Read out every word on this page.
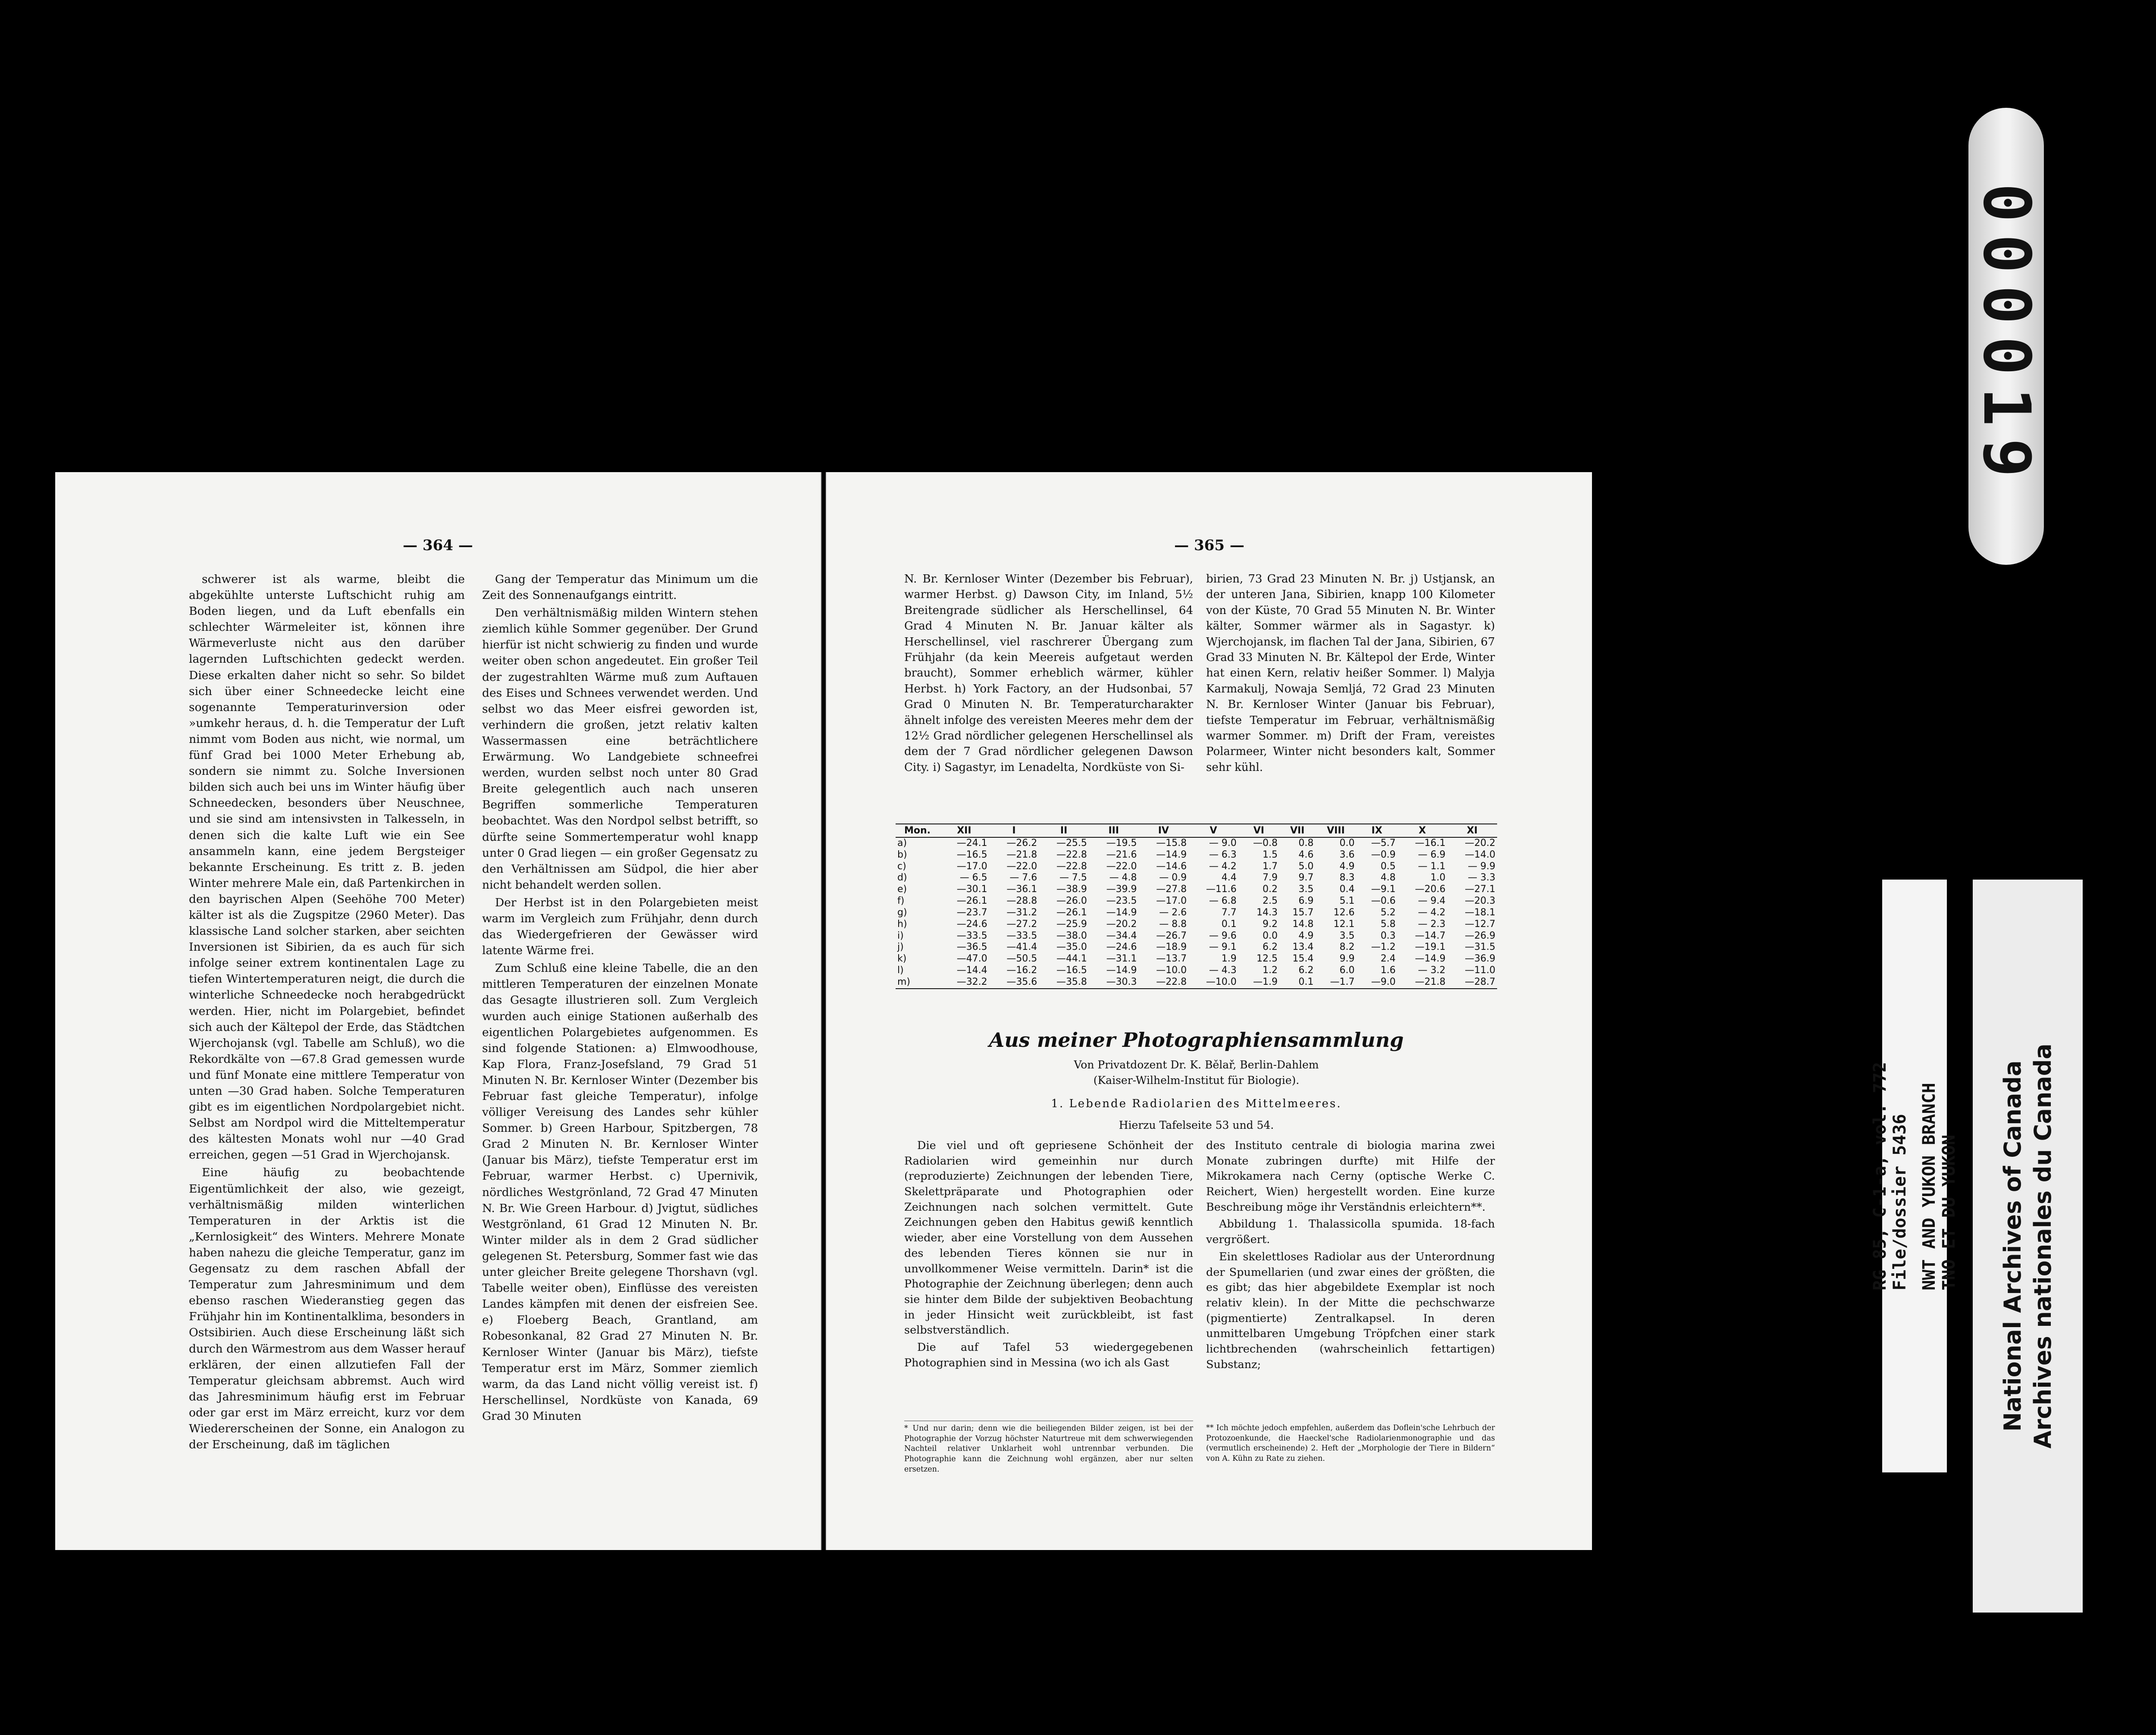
— 364 —

schwerer ist als warme, bleibt die abgekühlte unterste Luftschicht ruhig am Boden liegen, und da Luft ebenfalls ein schlechter Wärmeleiter ist, können ihre Wärmeverluste nicht aus den darüber lagernden Luftschichten gedeckt werden. Diese erkalten daher nicht so sehr. So bildet sich über einer Schneedecke leicht eine sogenannte Temperaturinversion oder »umkehr heraus, d. h. die Temperatur der Luft nimmt vom Boden aus nicht, wie normal, um fünf Grad bei 1000 Meter Erhebung ab, sondern sie nimmt zu. Solche Inversionen bilden sich auch bei uns im Winter häufig über Schneedecken, besonders über Neuschnee, und sie sind am intensivsten in Talkesseln, in denen sich die kalte Luft wie ein See ansammeln kann, eine jedem Bergsteiger bekannte Erscheinung. Es tritt z. B. jeden Winter mehrere Male ein, daß Partenkirchen in den bayrischen Alpen (Seehöhe 700 Meter) kälter ist als die Zugspitze (2960 Meter). Das klassische Land solcher starken, aber seichten Inversionen ist Sibirien, da es auch für sich infolge seiner extrem kontinentalen Lage zu tiefen Wintertemperaturen neigt, die durch die winterliche Schneedecke noch herabgedrückt werden. Hier, nicht im Polargebiet, befindet sich auch der Kältepol der Erde, das Städtchen Wjerchojansk (vgl. Tabelle am Schluß), wo die Rekordkälte von —67.8 Grad gemessen wurde und fünf Monate eine mittlere Temperatur von unten —30 Grad haben. Solche Temperaturen gibt es im eigentlichen Nordpolargebiet nicht. Selbst am Nordpol wird die Mitteltemperatur des kältesten Monats wohl nur —40 Grad erreichen, gegen —51 Grad in Wjerchojansk.

Eine häufig zu beobachtende Eigentümlichkeit der also, wie gezeigt, verhältnismäßig milden winterlichen Temperaturen in der Arktis ist die „Kernlosigkeit“ des Winters. Mehrere Monate haben nahezu die gleiche Temperatur, ganz im Gegensatz zu dem raschen Abfall der Temperatur zum Jahresminimum und dem ebenso raschen Wiederanstieg gegen das Frühjahr hin im Kontinentalklima, besonders in Ostsibirien. Auch diese Erscheinung läßt sich durch den Wärmestrom aus dem Wasser herauf erklären, der einen allzutiefen Fall der Temperatur gleichsam abbremst. Auch wird das Jahresminimum häufig erst im Februar oder gar erst im März erreicht, kurz vor dem Wiedererscheinen der Sonne, ein Analogon zu der Erscheinung, daß im täglichen

Gang der Temperatur das Minimum um die Zeit des Sonnenaufgangs eintritt.

Den verhältnismäßig milden Wintern stehen ziemlich kühle Sommer gegenüber. Der Grund hierfür ist nicht schwierig zu finden und wurde weiter oben schon angedeutet. Ein großer Teil der zugestrahlten Wärme muß zum Auftauen des Eises und Schnees verwendet werden. Und selbst wo das Meer eisfrei geworden ist, verhindern die großen, jetzt relativ kalten Wassermassen eine beträchtlichere Erwärmung. Wo Landgebiete schneefrei werden, wurden selbst noch unter 80 Grad Breite gelegentlich auch nach unseren Begriffen sommerliche Temperaturen beobachtet. Was den Nordpol selbst betrifft, so dürfte seine Sommertemperatur wohl knapp unter 0 Grad liegen — ein großer Gegensatz zu den Verhältnissen am Südpol, die hier aber nicht behandelt werden sollen.

Der Herbst ist in den Polargebieten meist warm im Vergleich zum Frühjahr, denn durch das Wiedergefrieren der Gewässer wird latente Wärme frei.

Zum Schluß eine kleine Tabelle, die an den mittleren Temperaturen der einzelnen Monate das Gesagte illustrieren soll. Zum Vergleich wurden auch einige Stationen außerhalb des eigentlichen Polargebietes aufgenommen. Es sind folgende Stationen: a) Elmwoodhouse, Kap Flora, Franz-Josefsland, 79 Grad 51 Minuten N. Br. Kernloser Winter (Dezember bis Februar fast gleiche Temperatur), infolge völliger Vereisung des Landes sehr kühler Sommer. b) Green Harbour, Spitzbergen, 78 Grad 2 Minuten N. Br. Kernloser Winter (Januar bis März), tiefste Temperatur erst im Februar, warmer Herbst. c) Upernivik, nördliches Westgrönland, 72 Grad 47 Minuten N. Br. Wie Green Harbour. d) Jvigtut, südliches Westgrönland, 61 Grad 12 Minuten N. Br. Winter milder als in dem 2 Grad südlicher gelegenen St. Petersburg, Sommer fast wie das unter gleicher Breite gelegene Thorshavn (vgl. Tabelle weiter oben), Einflüsse des vereisten Landes kämpfen mit denen der eisfreien See. e) Floeberg Beach, Grantland, am Robesonkanal, 82 Grad 27 Minuten N. Br. Kernloser Winter (Januar bis März), tiefste Temperatur erst im März, Sommer ziemlich warm, da das Land nicht völlig vereist ist. f) Herschellinsel, Nordküste von Kanada, 69 Grad 30 Minuten

— 365 —

N. Br. Kernloser Winter (Dezember bis Februar), warmer Herbst. g) Dawson City, im Inland, 5½ Breitengrade südlicher als Herschellinsel, 64 Grad 4 Minuten N. Br. Januar kälter als Herschellinsel, viel raschrerer Übergang zum Frühjahr (da kein Meereis aufgetaut werden braucht), Sommer erheblich wärmer, kühler Herbst. h) York Factory, an der Hudsonbai, 57 Grad 0 Minuten N. Br. Temperaturcharakter ähnelt infolge des vereisten Meeres mehr dem der 12½ Grad nördlicher gelegenen Herschellinsel als dem der 7 Grad nördlicher gelegenen Dawson City. i) Sagastyr, im Lenadelta, Nordküste von Si-

birien, 73 Grad 23 Minuten N. Br. j) Ustjansk, an der unteren Jana, Sibirien, knapp 100 Kilometer von der Küste, 70 Grad 55 Minuten N. Br. Winter kälter, Sommer wärmer als in Sagastyr. k) Wjerchojansk, im flachen Tal der Jana, Sibirien, 67 Grad 33 Minuten N. Br. Kältepol der Erde, Winter hat einen Kern, relativ heißer Sommer. l) Malyja Karmakulj, Nowaja Semljá, 72 Grad 23 Minuten N. Br. Kernloser Winter (Januar bis Februar), tiefste Temperatur im Februar, verhältnismäßig warmer Sommer. m) Drift der Fram, vereistes Polarmeer, Winter nicht besonders kalt, Sommer sehr kühl.

Mon.	XII	I	II	III	IV	V	VI	VII	VIII	IX	X	XI
a)	—24.1	—26.2	—25.5	—19.5	—15.8	— 9.0	—0.8	0.8	0.0	—5.7	—16.1	—20.2
b)	—16.5	—21.8	—22.8	—21.6	—14.9	— 6.3	1.5	4.6	3.6	—0.9	— 6.9	—14.0
c)	—17.0	—22.0	—22.8	—22.0	—14.6	— 4.2	1.7	5.0	4.9	0.5	— 1.1	— 9.9
d)	— 6.5	— 7.6	— 7.5	— 4.8	— 0.9	4.4	7.9	9.7	8.3	4.8	1.0	— 3.3
e)	—30.1	—36.1	—38.9	—39.9	—27.8	—11.6	0.2	3.5	0.4	—9.1	—20.6	—27.1
f)	—26.1	—28.8	—26.0	—23.5	—17.0	— 6.8	2.5	6.9	5.1	—0.6	— 9.4	—20.3
g)	—23.7	—31.2	—26.1	—14.9	— 2.6	7.7	14.3	15.7	12.6	5.2	— 4.2	—18.1
h)	—24.6	—27.2	—25.9	—20.2	— 8.8	0.1	9.2	14.8	12.1	5.8	— 2.3	—12.7
i)	—33.5	—33.5	—38.0	—34.4	—26.7	— 9.6	0.0	4.9	3.5	0.3	—14.7	—26.9
j)	—36.5	—41.4	—35.0	—24.6	—18.9	— 9.1	6.2	13.4	8.2	—1.2	—19.1	—31.5
k)	—47.0	—50.5	—44.1	—31.1	—13.7	1.9	12.5	15.4	9.9	2.4	—14.9	—36.9
l)	—14.4	—16.2	—16.5	—14.9	—10.0	— 4.3	1.2	6.2	6.0	1.6	— 3.2	—11.0
m)	—32.2	—35.6	—35.8	—30.3	—22.8	—10.0	—1.9	0.1	—1.7	—9.0	—21.8	—28.7
Aus meiner Photographiensammlung
Von Privatdozent Dr. K. Bělař, Berlin-Dahlem
(Kaiser-Wilhelm-Institut für Biologie).
1. Lebende Radiolarien des Mittelmeeres.
Hierzu Tafelseite 53 und 54.

Die viel und oft gepriesene Schönheit der Radiolarien wird gemeinhin nur durch (reproduzierte) Zeichnungen der lebenden Tiere, Skelettpräparate und Photographien oder Zeichnungen nach solchen vermittelt. Gute Zeichnungen geben den Habitus gewiß kenntlich wieder, aber eine Vorstellung von dem Aussehen des lebenden Tieres können sie nur in unvollkommener Weise vermitteln. Darin* ist die Photographie der Zeichnung überlegen; denn auch sie hinter dem Bilde der subjektiven Beobachtung in jeder Hinsicht weit zurückbleibt, ist fast selbstverständlich.

Die auf Tafel 53 wiedergegebenen Photographien sind in Messina (wo ich als Gast

des Instituto centrale di biologia marina zwei Monate zubringen durfte) mit Hilfe der Mikrokamera nach Cerny (optische Werke C. Reichert, Wien) hergestellt worden. Eine kurze Beschreibung möge ihr Verständnis erleichtern**.

Abbildung 1. Thalassicolla spumida. 18-fach vergrößert.

Ein skelettloses Radiolar aus der Unterordnung der Spumellarien (und zwar eines der größten, die es gibt; das hier abgebildete Exemplar ist noch relativ klein). In der Mitte die pechschwarze (pigmentierte) Zentralkapsel. In deren unmittelbaren Umgebung Tröpfchen einer stark lichtbrechenden (wahrscheinlich fettartigen) Substanz;

* Und nur darin; denn wie die beiliegenden Bilder zeigen, ist bei der Photographie der Vorzug höchster Naturtreue mit dem schwerwiegenden Nachteil relativer Unklarheit wohl untrennbar verbunden. Die Photographie kann die Zeichnung wohl ergänzen, aber nur selten ersetzen.
** Ich möchte jedoch empfehlen, außerdem das Doflein'sche Lehrbuch der Protozoenkunde, die Haeckel'sche Radiolarienmonographie und das (vermutlich erscheinende) 2. Heft der „Morphologie der Tiere in Bildern“ von A. Kühn zu Rate zu ziehen.
000019
RG 85, C-1-a, vol. 772 File/dossier 5436 NWT AND YUKON BRANCH TNO ET DU YUKON National Archives of Canada Archives nationales du Canada
